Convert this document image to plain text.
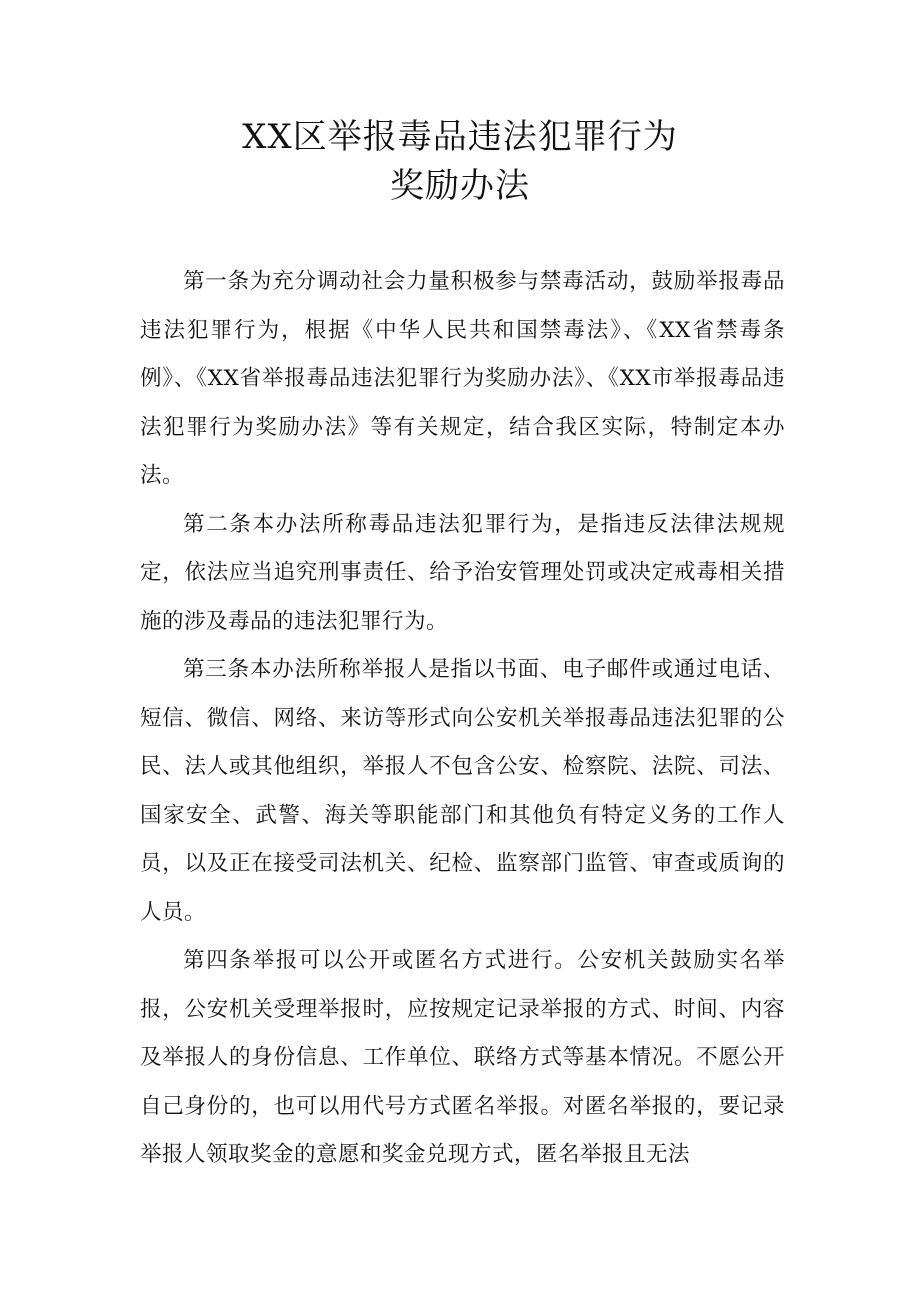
XX区举报毒品违法犯罪行为
奖励办法

第一条为充分调动社会力量积极参与禁毒活动，鼓励举报毒品违法犯罪行为，根据《中华人民共和国禁毒法》、《XX省禁毒条例》、《XX省举报毒品违法犯罪行为奖励办法》、《XX市举报毒品违法犯罪行为奖励办法》等有关规定，结合我区实际，特制定本办法。

第二条本办法所称毒品违法犯罪行为，是指违反法律法规规定，依法应当追究刑事责任、给予治安管理处罚或决定戒毒相关措施的涉及毒品的违法犯罪行为。

第三条本办法所称举报人是指以书面、电子邮件或通过电话、短信、微信、网络、来访等形式向公安机关举报毒品违法犯罪的公民、法人或其他组织，举报人不包含公安、检察院、法院、司法、国家安全、武警、海关等职能部门和其他负有特定义务的工作人员，以及正在接受司法机关、纪检、监察部门监管、审查或质询的人员。

第四条举报可以公开或匿名方式进行。公安机关鼓励实名举报，公安机关受理举报时，应按规定记录举报的方式、时间、内容及举报人的身份信息、工作单位、联络方式等基本情况。不愿公开自己身份的，也可以用代号方式匿名举报。对匿名举报的，要记录举报人领取奖金的意愿和奖金兑现方式，匿名举报且无法
